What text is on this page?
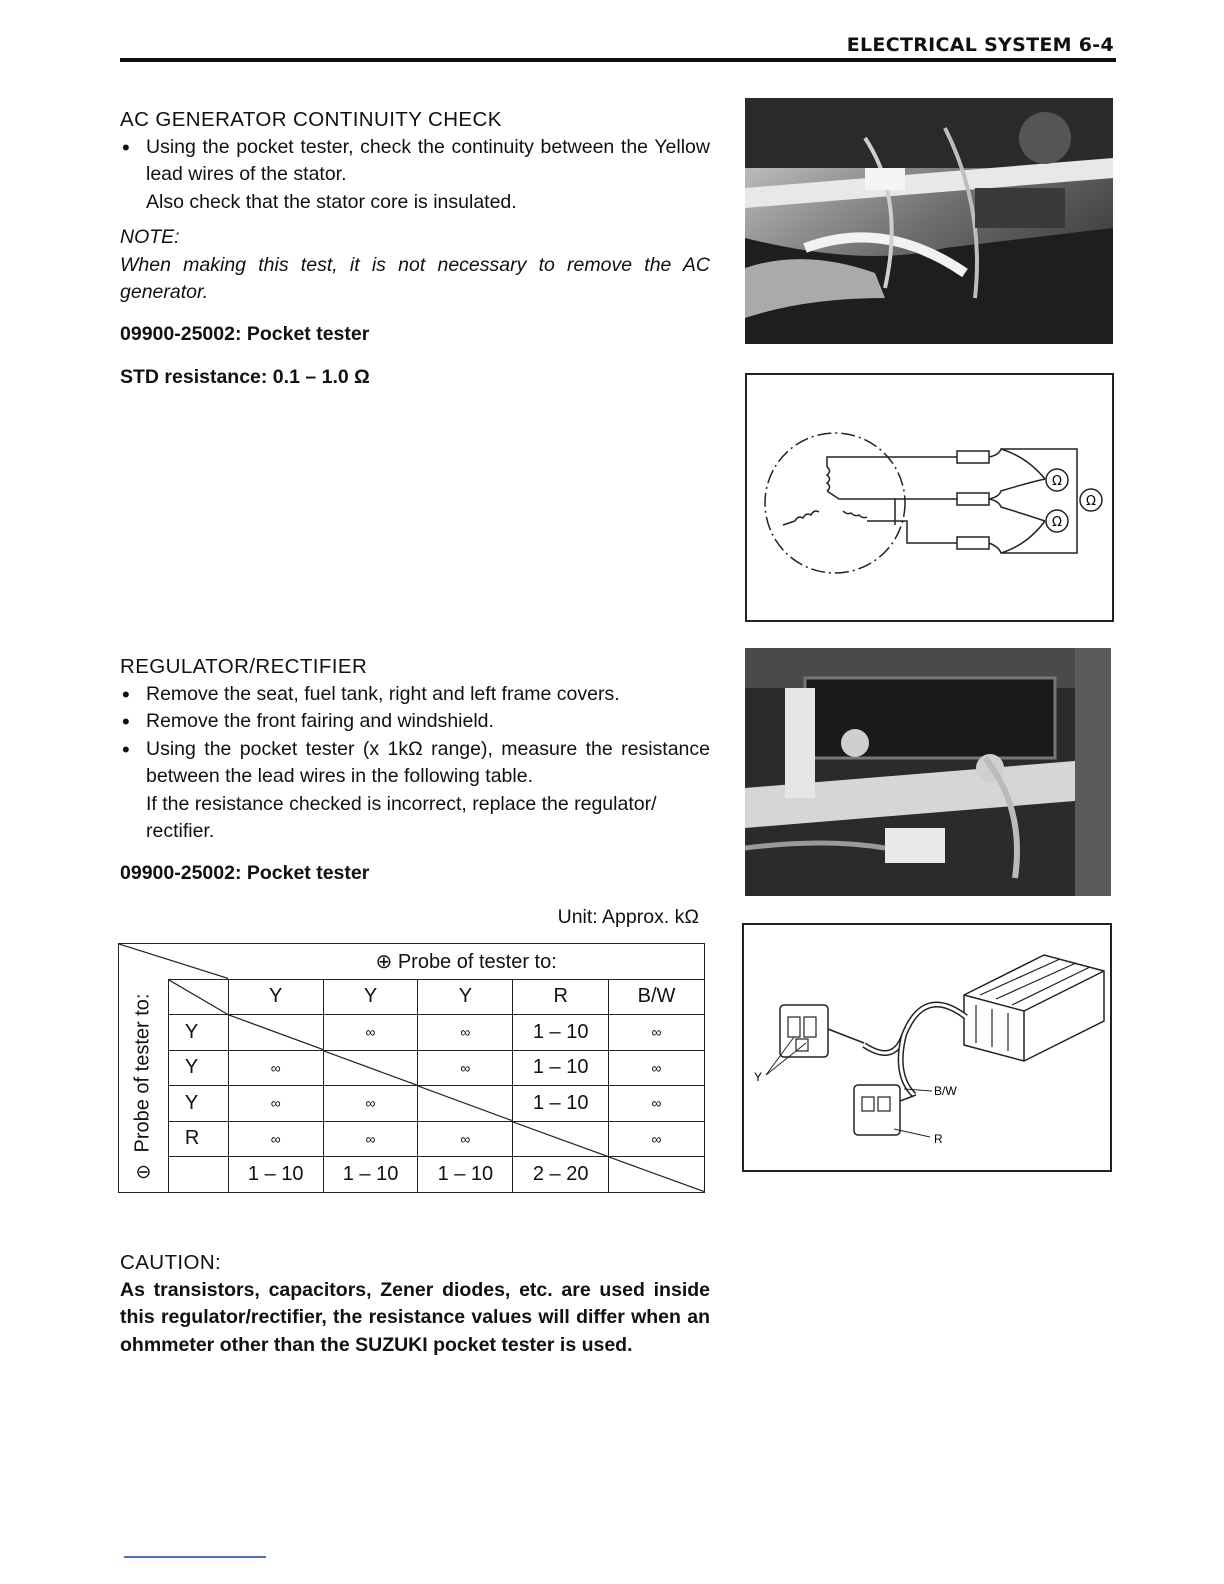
ELECTRICAL SYSTEM 6-4
AC GENERATOR CONTINUITY CHECK

• Using the pocket tester, check the continuity between the Yellow lead wires of the stator.

Also check that the stator core is insulated.

NOTE:
When making this test, it is not necessary to remove the AC generator.
09900-25002: Pocket tester
STD resistance: 0.1 – 1.0 Ω
Ω
Ω
Ω
REGULATOR/RECTIFIER

• Remove the seat, fuel tank, right and left frame covers.

• Remove the front fairing and windshield.

• Using the pocket tester (x 1kΩ range), measure the resistance between the lead wires in the following table.

If the resistance checked is incorrect, replace the regulator/ rectifier.

09900-25002: Pocket tester
Unit: Approx. kΩ
Y
B/W
R
	⊕ Probe of tester to:				

Probe of tester to:
⊖		Y	Y	Y	R	B/W
	Y		∞	∞	1 – 10	∞
	Y	∞		∞	1 – 10	∞
	Y	∞	∞		1 – 10	∞
	R	∞	∞	∞		∞
		1 – 10	1 – 10	1 – 10	2 – 20	
CAUTION:
As transistors, capacitors, Zener diodes, etc. are used inside this regulator/rectifier, the resistance values will differ when an ohmmeter other than the SUZUKI pocket tester is used.
